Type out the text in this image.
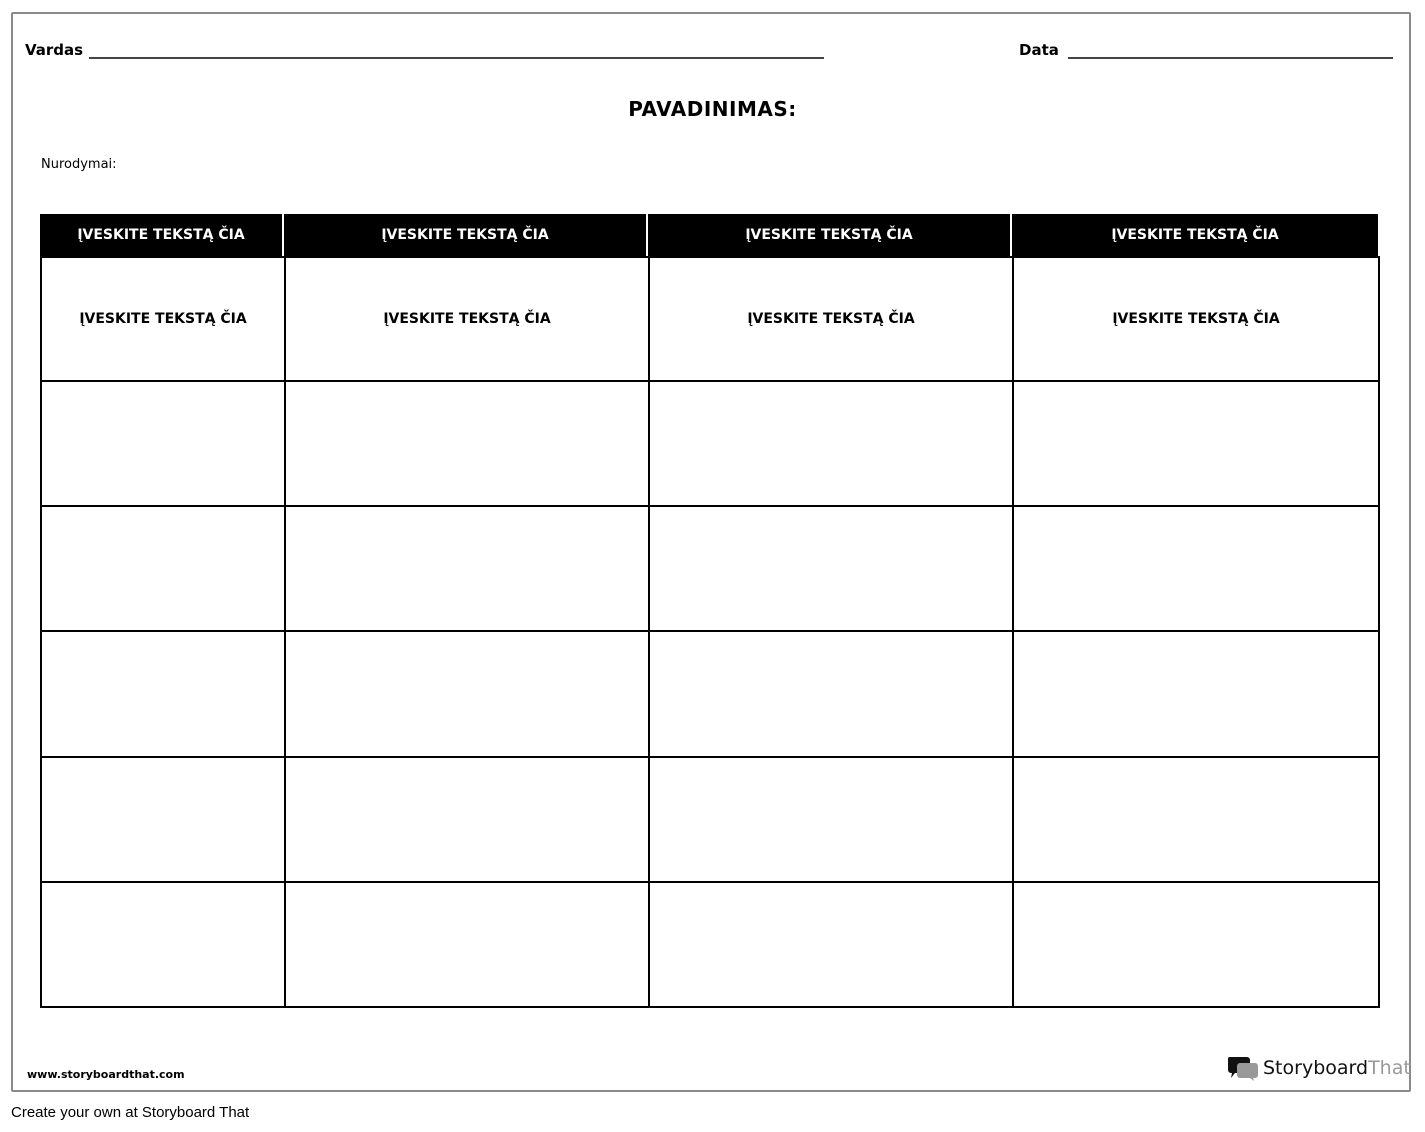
Vardas	Data
PAVADINIMAS:
Nurodymai:
ĮVESKITE TEKSTĄ ČIA	ĮVESKITE TEKSTĄ ČIA	ĮVESKITE TEKSTĄ ČIA	ĮVESKITE TEKSTĄ ČIA
ĮVESKITE TEKSTĄ ČIA	ĮVESKITE TEKSTĄ ČIA	ĮVESKITE TEKSTĄ ČIA	ĮVESKITE TEKSTĄ ČIA
www.storyboardthat.com	StoryboardThat
Create your own at Storyboard That
